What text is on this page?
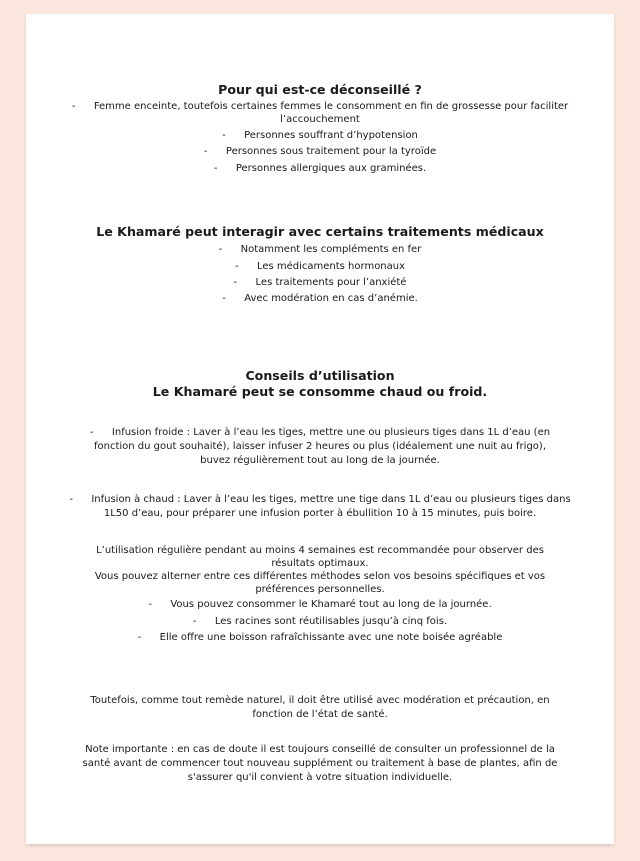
Pour qui est-ce déconseillé ?
- Femme enceinte, toutefois certaines femmes le consomment en fin de grossesse pour faciliter
l’accouchement
- Personnes souffrant d’hypotension
- Personnes sous traitement pour la tyroïde
- Personnes allergiques aux graminées.
Le Khamaré peut interagir avec certains traitements médicaux
- Notamment les compléments en fer
- Les médicaments hormonaux
- Les traitements pour l’anxiété
- Avec modération en cas d’anémie.
Conseils d’utilisation
Le Khamaré peut se consomme chaud ou froid.
- Infusion froide : Laver à l’eau les tiges, mettre une ou plusieurs tiges dans 1L d’eau (en
fonction du gout souhaité), laisser infuser 2 heures ou plus (idéalement une nuit au frigo),
buvez régulièrement tout au long de la journée.
- Infusion à chaud : Laver à l’eau les tiges, mettre une tige dans 1L d’eau ou plusieurs tiges dans
1L50 d’eau, pour préparer une infusion porter à ébullition 10 à 15 minutes, puis boire.
L’utilisation régulière pendant au moins 4 semaines est recommandée pour observer des
résultats optimaux.
Vous pouvez alterner entre ces différentes méthodes selon vos besoins spécifiques et vos
préférences personnelles.
- Vous pouvez consommer le Khamaré tout au long de la journée.
- Les racines sont réutilisables jusqu’à cinq fois.
- Elle offre une boisson rafraîchissante avec une note boisée agréable
Toutefois, comme tout remède naturel, il doit être utilisé avec modération et précaution, en
fonction de l’état de santé.
Note importante : en cas de doute il est toujours conseillé de consulter un professionnel de la
santé avant de commencer tout nouveau supplément ou traitement à base de plantes, afin de
s'assurer qu'il convient à votre situation individuelle.
